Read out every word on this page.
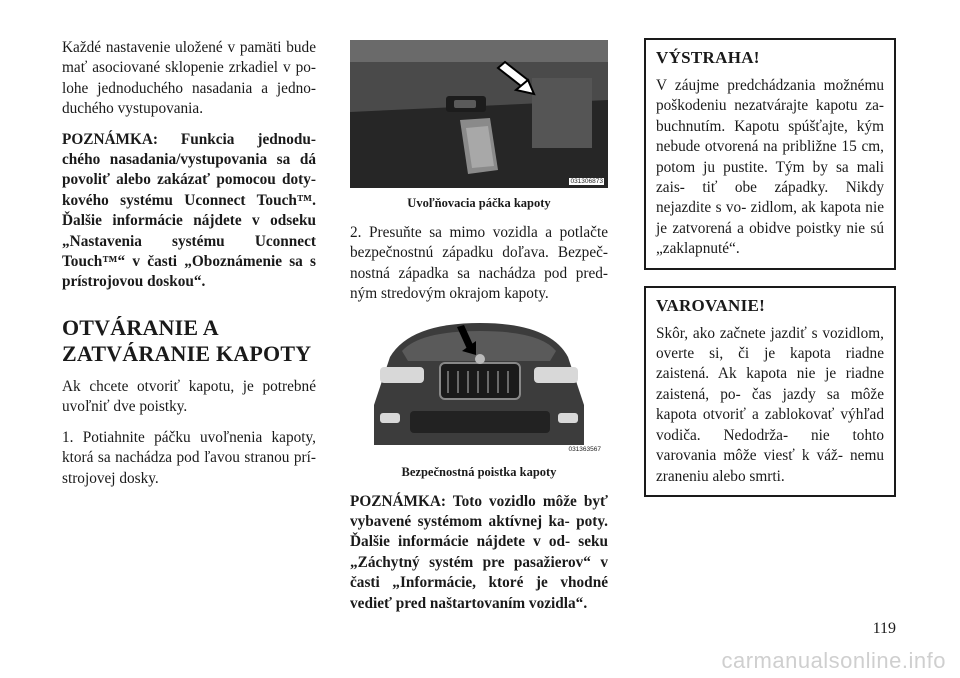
Každé nastavenie uložené v pamäti bude mať asociované sklopenie zrkadiel v po- lohe jednoduchého nasadania a jedno- duchého vystupovania.

POZNÁMKA: Funkcia jednodu- chého nasadania/vystupovania sa dá povoliť alebo zakázať pomocou doty- kového systému Uconnect Touch™. Ďalšie informácie nájdete v odseku „Nastavenia systému Uconnect Touch™“ v časti „Oboznámenie sa s prístrojovou doskou“.

OTVÁRANIE A ZATVÁRANIE KAPOTY

Ak chcete otvoriť kapotu, je potrebné uvoľniť dve poistky.

1. Potiahnite páčku uvoľnenia kapoty, ktorá sa nachádza pod ľavou stranou prí- strojovej dosky.

031306873
Uvoľňovacia páčka kapoty

2. Presuňte sa mimo vozidla a potlačte bezpečnostnú západku doľava. Bezpeč- nostná západka sa nachádza pod pred- ným stredovým okrajom kapoty.

031363567
Bezpečnostná poistka kapoty

POZNÁMKA: Toto vozidlo môže byť vybavené systémom aktívnej ka- poty. Ďalšie informácie nájdete v od- seku „Záchytný systém pre pasažierov“ v časti „Informácie, ktoré je vhodné vedieť pred naštartovaním vozidla“.

VÝSTRAHA!

V záujme predchádzania možnému poškodeniu nezatvárajte kapotu za- buchnutím. Kapotu spúšťajte, kým nebude otvorená na približne 15 cm, potom ju pustite. Tým by sa mali zais- tiť obe západky. Nikdy nejazdite s vo- zidlom, ak kapota nie je zatvorená a obidve poistky nie sú „zaklapnuté“.

VAROVANIE!

Skôr, ako začnete jazdiť s vozidlom, overte si, či je kapota riadne zaistená. Ak kapota nie je riadne zaistená, po- čas jazdy sa môže kapota otvoriť a zablokovať výhľad vodiča. Nedodrža- nie tohto varovania môže viesť k váž- nemu zraneniu alebo smrti.

119
carmanualsonline.info
